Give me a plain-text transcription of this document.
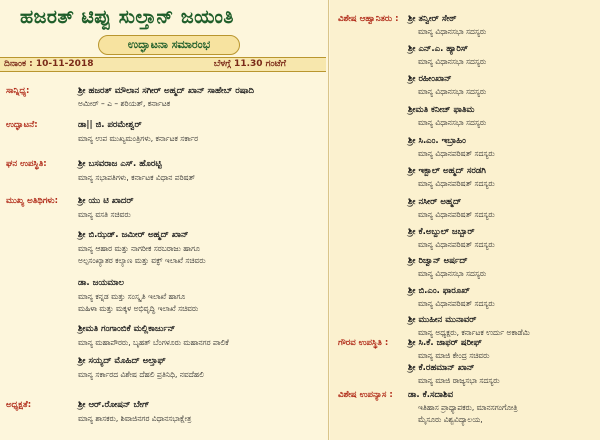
ಹಜರತ್ ಟಿಪ್ಪು ಸುಲ್ತಾನ್ ಜಯಂತಿ
ಉದ್ಘಾಟನಾ ಸಮಾರಂಭ
ದಿನಾಂಕ : 10-11-2018	ಬೆಳಗ್ಗೆ 11.30 ಗಂಟೆಗೆ
ಸಾನ್ನಿಧ್ಯ:	ಶ್ರೀ ಹಜರತ್ ಮೌಲಾನ ಸಗೀರ್ ಅಹ್ಮದ್ ಖಾನ್ ಸಾಹೇಬ್ ರಷಾದಿ
ಅಮೀರ್ – ಎ – ಶರಿಯತ್, ಕರ್ನಾಟಕ
ಉದ್ಘಾಟನೆ:	ಡಾ|| ಜಿ. ಪರಮೇಶ್ವರ್
ಮಾನ್ಯ ಉಪ ಮುಖ್ಯಮಂತ್ರಿಗಳು, ಕರ್ನಾಟಕ ಸರ್ಕಾರ
ಘನ ಉಪಸ್ಥಿತಿ:	ಶ್ರೀ ಬಸವರಾಜ ಎಸ್. ಹೊರಟ್ಟಿ
ಮಾನ್ಯ ಸಭಾಪತಿಗಳು, ಕರ್ನಾಟಕ ವಿಧಾನ ಪರಿಷತ್
ಮುಖ್ಯ ಅತಿಥಿಗಳು: ಶ್ರೀ ಯು ಟಿ ಖಾದರ್
ಮಾನ್ಯ ವಸತಿ ಸಚಿವರು
ಶ್ರೀ ಬಿ.ಝಡ್. ಜಮೀರ್ ಅಹ್ಮದ್ ಖಾನ್
ಮಾನ್ಯ ಆಹಾರ ಮತ್ತು ನಾಗರೀಕ ಸರಬರಾಜು ಹಾಗೂ
ಅಲ್ಪಸಂಖ್ಯಾತರ ಕಲ್ಯಾಣ ಮತ್ತು ವಕ್ಫ್ ಇಲಾಖೆ ಸಚಿವರು
ಡಾ. ಜಯಮಾಲ
ಮಾನ್ಯ ಕನ್ನಡ ಮತ್ತು ಸಂಸ್ಕೃತಿ ಇಲಾಖೆ ಹಾಗೂ
ಮಹಿಳಾ ಮತ್ತು ಮಕ್ಕಳ ಅಭಿವೃದ್ಧಿ ಇಲಾಖೆ ಸಚಿವರು
ಶ್ರೀಮತಿ ಗಂಗಾಂಬಿಕೆ ಮಲ್ಲಿಕಾರ್ಜುನ್
ಮಾನ್ಯ ಮಹಾಪೌರರು, ಬೃಹತ್ ಬೆಂಗಳೂರು ಮಹಾನಗರ ಪಾಲಿಕೆ
ಶ್ರೀ ಸಯ್ಯದ್ ಮೊಹಿದ್ ಅಲ್ತಾಫ್
ಮಾನ್ಯ ಸರ್ಕಾರದ ವಿಶೇಷ ದೆಹಲಿ ಪ್ರತಿನಿಧಿ, ನವದೆಹಲಿ
ಅಧ್ಯಕ್ಷತೆ:	ಶ್ರೀ ಆರ್.ರೋಷನ್ ಬೇಗ್
ಮಾನ್ಯ ಶಾಸಕರು, ಶಿವಾಜಿನಗರ ವಿಧಾನಸಭಾಕ್ಷೇತ್ರ
ವಿಶೇಷ ಆಹ್ವಾನಿತರು : ಶ್ರೀ ತನ್ವೀರ್ ಸೇಠ್
ಮಾನ್ಯ ವಿಧಾನಸಭಾ ಸದಸ್ಯರು
ಶ್ರೀ ಎನ್.ಎ. ಹ್ಯಾರಿಸ್
ಮಾನ್ಯ ವಿಧಾನಸಭಾ ಸದಸ್ಯರು
ಶ್ರೀ ರಹೀಂಖಾನ್
ಮಾನ್ಯ ವಿಧಾನಸಭಾ ಸದಸ್ಯರು
ಶ್ರೀಮತಿ ಕನೀಜ್ ಫಾತಿಮ
ಮಾನ್ಯ ವಿಧಾನಸಭಾ ಸದಸ್ಯರು
ಶ್ರೀ ಸಿ.ಎಂ. ಇಬ್ರಾಹಿಂ
ಮಾನ್ಯ ವಿಧಾನಪರಿಷತ್ ಸದಸ್ಯರು
ಶ್ರೀ ಇಕ್ಬಾಲ್ ಅಹ್ಮದ್ ಸರಡಗಿ
ಮಾನ್ಯ ವಿಧಾನಪರಿಷತ್ ಸದಸ್ಯರು
ಶ್ರೀ ನಸೀರ್ ಅಹ್ಮದ್
ಮಾನ್ಯ ವಿಧಾನಪರಿಷತ್ ಸದಸ್ಯರು
ಶ್ರೀ ಕೆ.ಅಬ್ದುಲ್ ಜಬ್ಬಾರ್
ಮಾನ್ಯ ವಿಧಾನಪರಿಷತ್ ಸದಸ್ಯರು
ಶ್ರೀ ರಿಜ್ವಾನ್ ಅರ್ಷದ್
ಮಾನ್ಯ ವಿಧಾನಸಭಾ ಸದಸ್ಯರು
ಶ್ರೀ ಬಿ.ಎಂ. ಫಾರೂಖ್
ಮಾನ್ಯ ವಿಧಾನಪರಿಷತ್ ಸದಸ್ಯರು
ಶ್ರೀ ಮುಹೀನ ಮುನಾವರ್
ಮಾನ್ಯ ಅಧ್ಯಕ್ಷರು, ಕರ್ನಾಟಕ ಉರ್ದು ಅಕಾಡೆಮಿ
ಗೌರವ ಉಪಸ್ಥಿತಿ : ಶ್ರೀ ಸಿ.ಕೆ. ಜಾಫರ್ ಷರೀಫ್
ಮಾನ್ಯ ಮಾಜಿ ಕೇಂದ್ರ ಸಚಿವರು
ಶ್ರೀ ಕೆ.ರಹಮಾನ್ ಖಾನ್
ಮಾನ್ಯ ಮಾಜಿ ರಾಜ್ಯಸಭಾ ಸದಸ್ಯರು
ವಿಶೇಷ ಉಪನ್ಯಾಸ : ಡಾ. ಕೆ.ಸದಾಶಿವ
ಇತಿಹಾಸ ಪ್ರಾಧ್ಯಾಪಕರು, ಮಾನಸಗಂಗೋತ್ರಿ
ಮೈಸೂರು ವಿಶ್ವವಿದ್ಯಾಲಯ,
